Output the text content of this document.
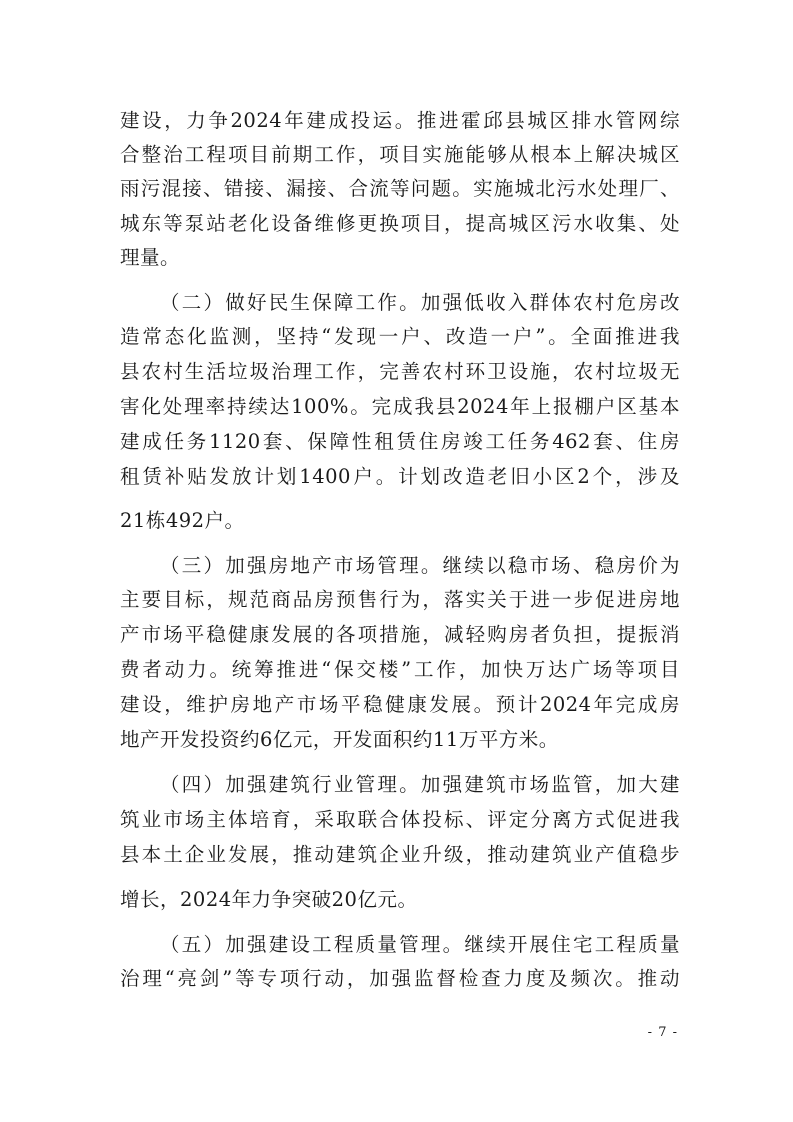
建设，力争2024年建成投运。推进霍邱县城区排水管网综

合整治工程项目前期工作，项目实施能够从根本上解决城区

雨污混接、错接、漏接、合流等问题。实施城北污水处理厂、

城东等泵站老化设备维修更换项目，提高城区污水收集、处

理量。

（二）做好民生保障工作。加强低收入群体农村危房改

造常态化监测，坚持“发现一户、改造一户”。全面推进我

县农村生活垃圾治理工作，完善农村环卫设施，农村垃圾无

害化处理率持续达100%。完成我县2024年上报棚户区基本

建成任务1120套、保障性租赁住房竣工任务462套、住房

租赁补贴发放计划1400户。计划改造老旧小区2个，涉及

21栋492户。

（三）加强房地产市场管理。继续以稳市场、稳房价为

主要目标，规范商品房预售行为，落实关于进一步促进房地

产市场平稳健康发展的各项措施，减轻购房者负担，提振消

费者动力。统筹推进“保交楼”工作，加快万达广场等项目

建设，维护房地产市场平稳健康发展。预计2024年完成房

地产开发投资约6亿元，开发面积约11万平方米。

（四）加强建筑行业管理。加强建筑市场监管，加大建

筑业市场主体培育，采取联合体投标、评定分离方式促进我

县本土企业发展，推动建筑企业升级，推动建筑业产值稳步

增长，2024年力争突破20亿元。

（五）加强建设工程质量管理。继续开展住宅工程质量

治理“亮剑”等专项行动，加强监督检查力度及频次。推动

- 7 -
